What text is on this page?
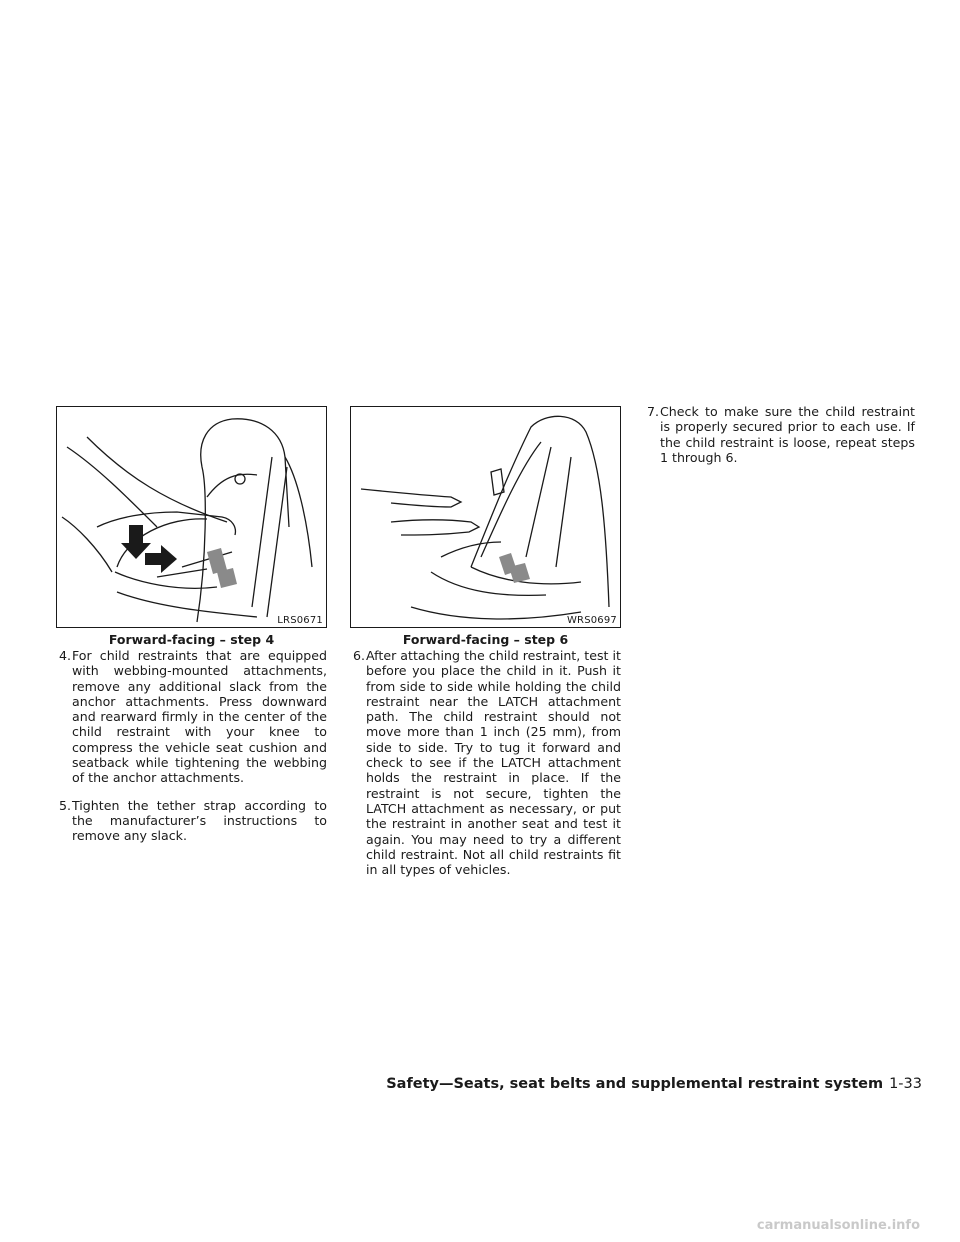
LRS0671
Forward-facing – step 4
WRS0697
Forward-facing – step 6
4. For child restraints that are equipped with webbing-mounted attachments, remove any additional slack from the anchor attachments. Press downward and rearward firmly in the center of the child restraint with your knee to compress the vehicle seat cushion and seatback while tightening the webbing of the anchor attachments.
5. Tighten the tether strap according to the manufacturer’s instructions to remove any slack.
6. After attaching the child restraint, test it before you place the child in it. Push it from side to side while holding the child restraint near the LATCH attachment path. The child restraint should not move more than 1 inch (25 mm), from side to side. Try to tug it forward and check to see if the LATCH attachment holds the restraint in place. If the restraint is not secure, tighten the LATCH attachment as necessary, or put the restraint in another seat and test it again. You may need to try a different child restraint. Not all child restraints fit in all types of vehicles.
7. Check to make sure the child restraint is properly secured prior to each use. If the child restraint is loose, repeat steps 1 through 6.
Safety—Seats, seat belts and supplemental restraint system 1-33
carmanualsonline.info
